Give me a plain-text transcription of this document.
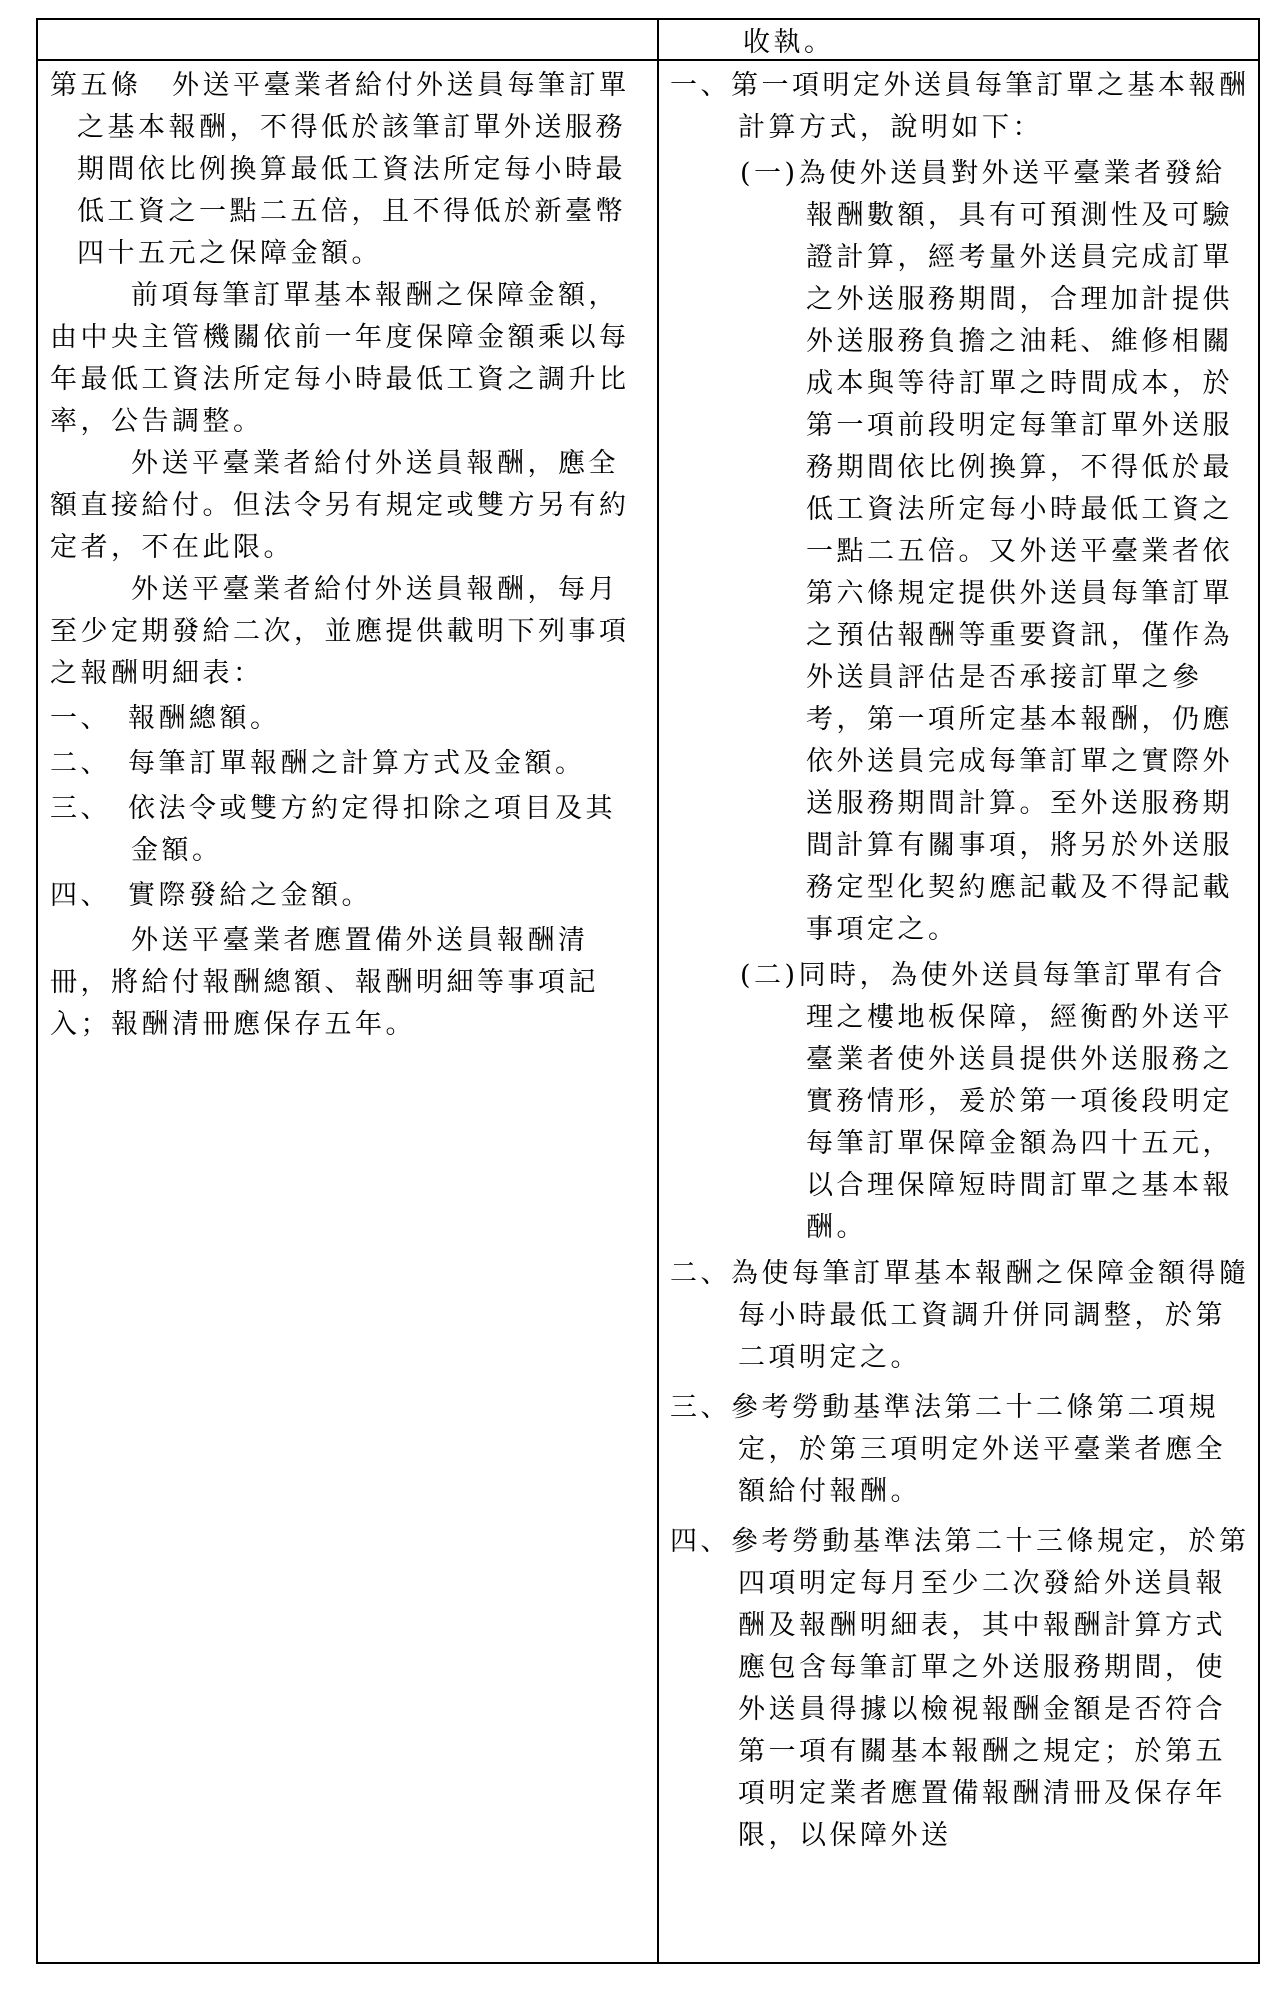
收執。

第五條　外送平臺業者給付外送員每筆訂單之基本報酬，不得低於該筆訂單外送服務期間依比例換算最低工資法所定每小時最低工資之一點二五倍，且不得低於新臺幣四十五元之保障金額。

前項每筆訂單基本報酬之保障金額，由中央主管機關依前一年度保障金額乘以每年最低工資法所定每小時最低工資之調升比率，公告調整。

外送平臺業者給付外送員報酬，應全額直接給付。但法令另有規定或雙方另有約定者，不在此限。

外送平臺業者給付外送員報酬，每月至少定期發給二次，並應提供載明下列事項之報酬明細表：

一、　報酬總額。

二、　每筆訂單報酬之計算方式及金額。

三、　依法令或雙方約定得扣除之項目及其金額。

四、　實際發給之金額。

外送平臺業者應置備外送員報酬清冊，將給付報酬總額、報酬明細等事項記入；報酬清冊應保存五年。

一、第一項明定外送員每筆訂單之基本報酬計算方式，說明如下：

(一)為使外送員對外送平臺業者發給報酬數額，具有可預測性及可驗證計算，經考量外送員完成訂單之外送服務期間，合理加計提供外送服務負擔之油耗、維修相關成本與等待訂單之時間成本，於第一項前段明定每筆訂單外送服務期間依比例換算，不得低於最低工資法所定每小時最低工資之一點二五倍。又外送平臺業者依第六條規定提供外送員每筆訂單之預估報酬等重要資訊，僅作為外送員評估是否承接訂單之參考，第一項所定基本報酬，仍應依外送員完成每筆訂單之實際外送服務期間計算。至外送服務期間計算有關事項，將另於外送服務定型化契約應記載及不得記載事項定之。

(二)同時，為使外送員每筆訂單有合理之樓地板保障，經衡酌外送平臺業者使外送員提供外送服務之實務情形，爰於第一項後段明定每筆訂單保障金額為四十五元，以合理保障短時間訂單之基本報酬。

二、為使每筆訂單基本報酬之保障金額得隨每小時最低工資調升併同調整，於第二項明定之。

三、參考勞動基準法第二十二條第二項規定，於第三項明定外送平臺業者應全額給付報酬。

四、參考勞動基準法第二十三條規定，於第四項明定每月至少二次發給外送員報酬及報酬明細表，其中報酬計算方式應包含每筆訂單之外送服務期間，使外送員得據以檢視報酬金額是否符合第一項有關基本報酬之規定；於第五項明定業者應置備報酬清冊及保存年限，以保障外送
